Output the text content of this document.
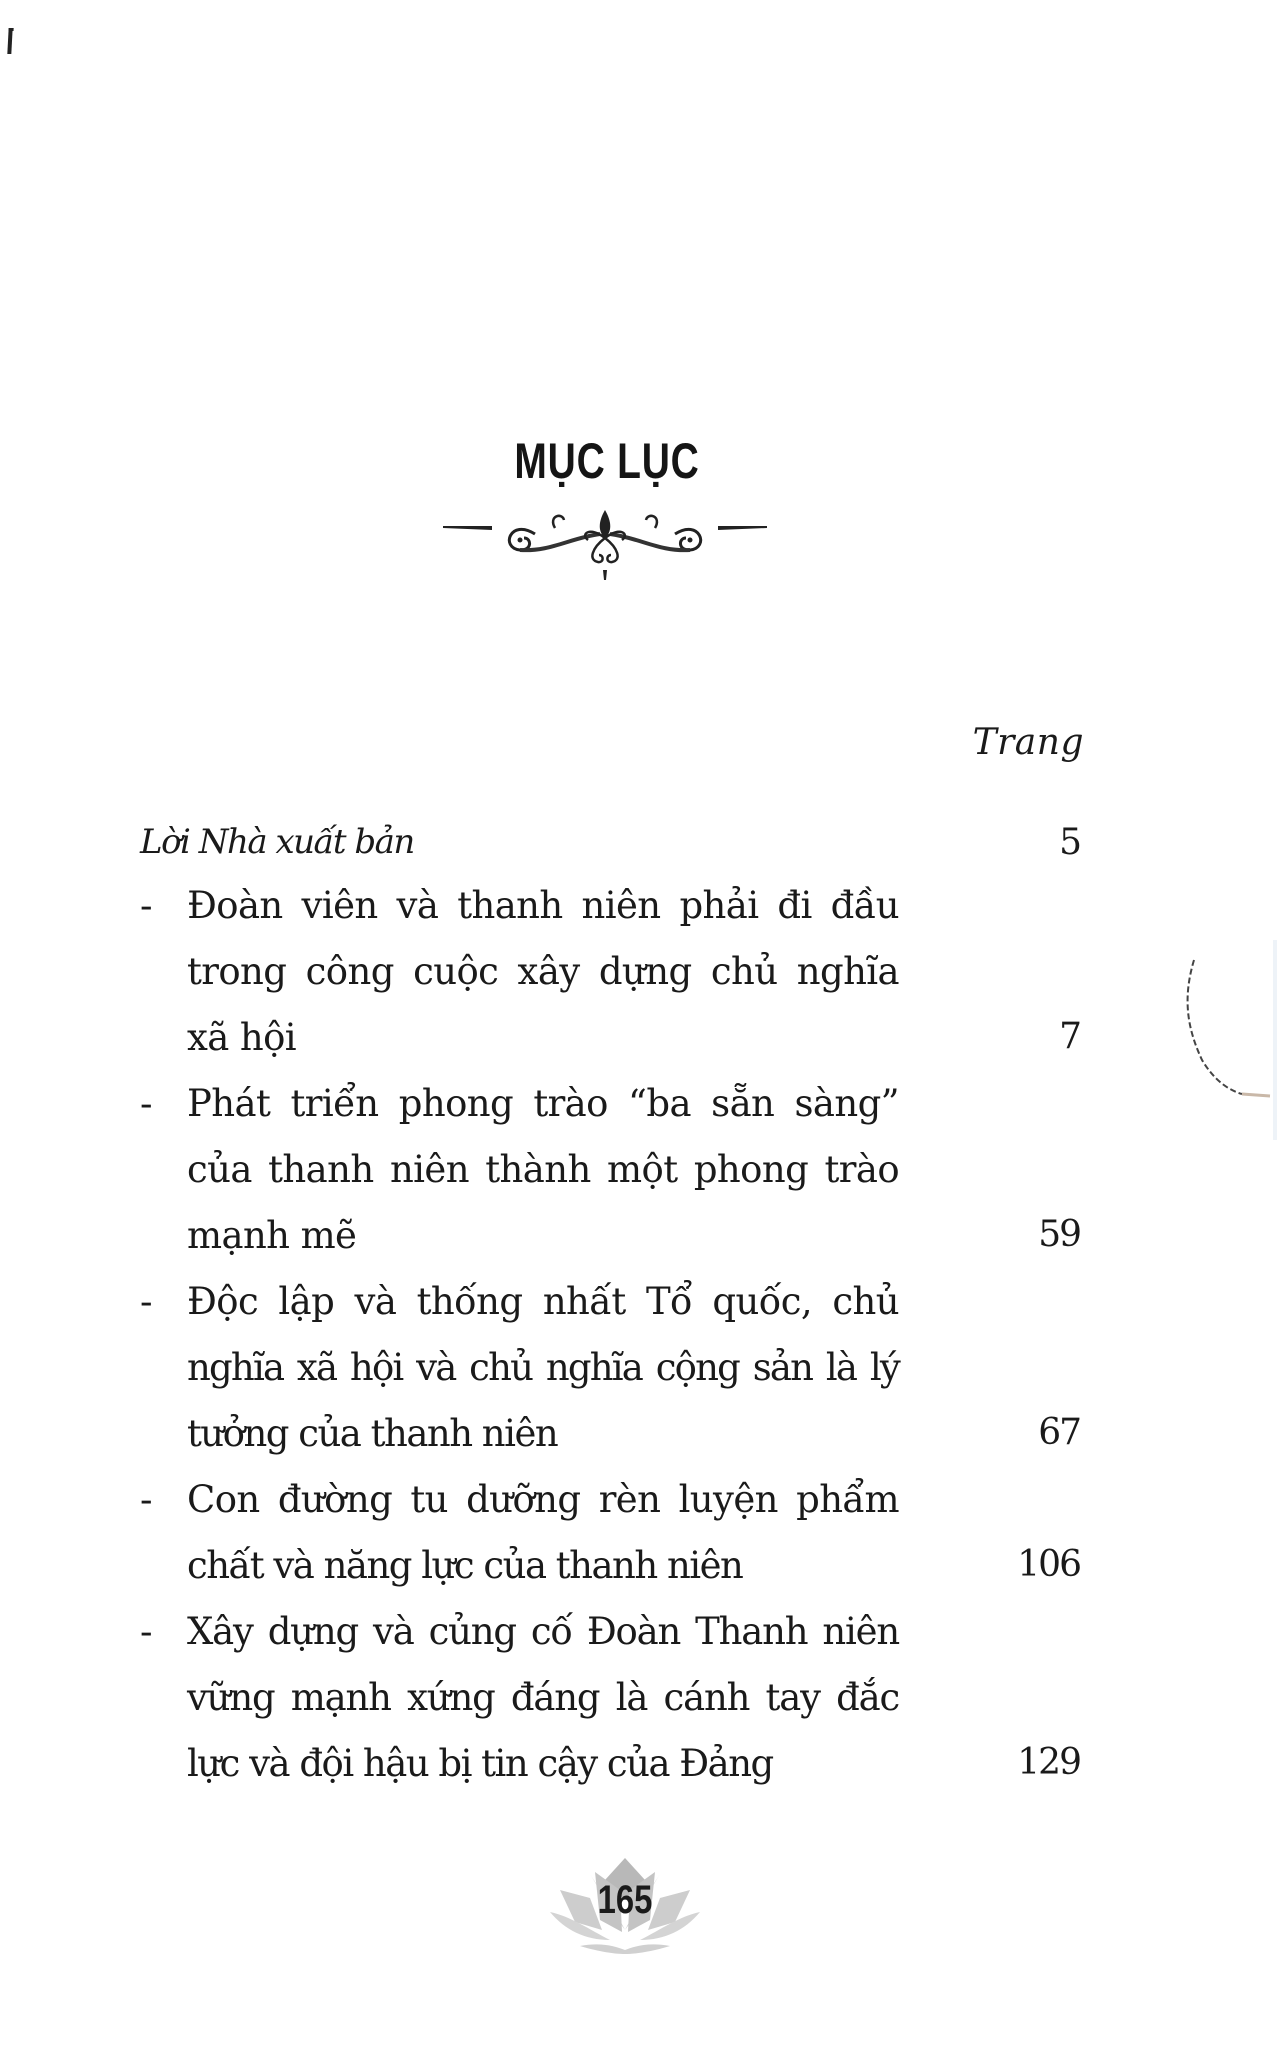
MỤC LỤC
Trang
Lời Nhà xuất bản	5
- Đoàn viên và thanh niên phải đi đầu
trong công cuộc xây dựng chủ nghĩa
xã hội	7
- Phát triển phong trào “ba sẵn sàng”
của thanh niên thành một phong trào
mạnh mẽ	59
- Độc lập và thống nhất Tổ quốc, chủ
nghĩa xã hội và chủ nghĩa cộng sản là lý
tưởng của thanh niên	67
- Con đường tu dưỡng rèn luyện phẩm
chất và năng lực của thanh niên	106
- Xây dựng và củng cố Đoàn Thanh niên
vững mạnh xứng đáng là cánh tay đắc
lực và đội hậu bị tin cậy của Đảng	129
165
